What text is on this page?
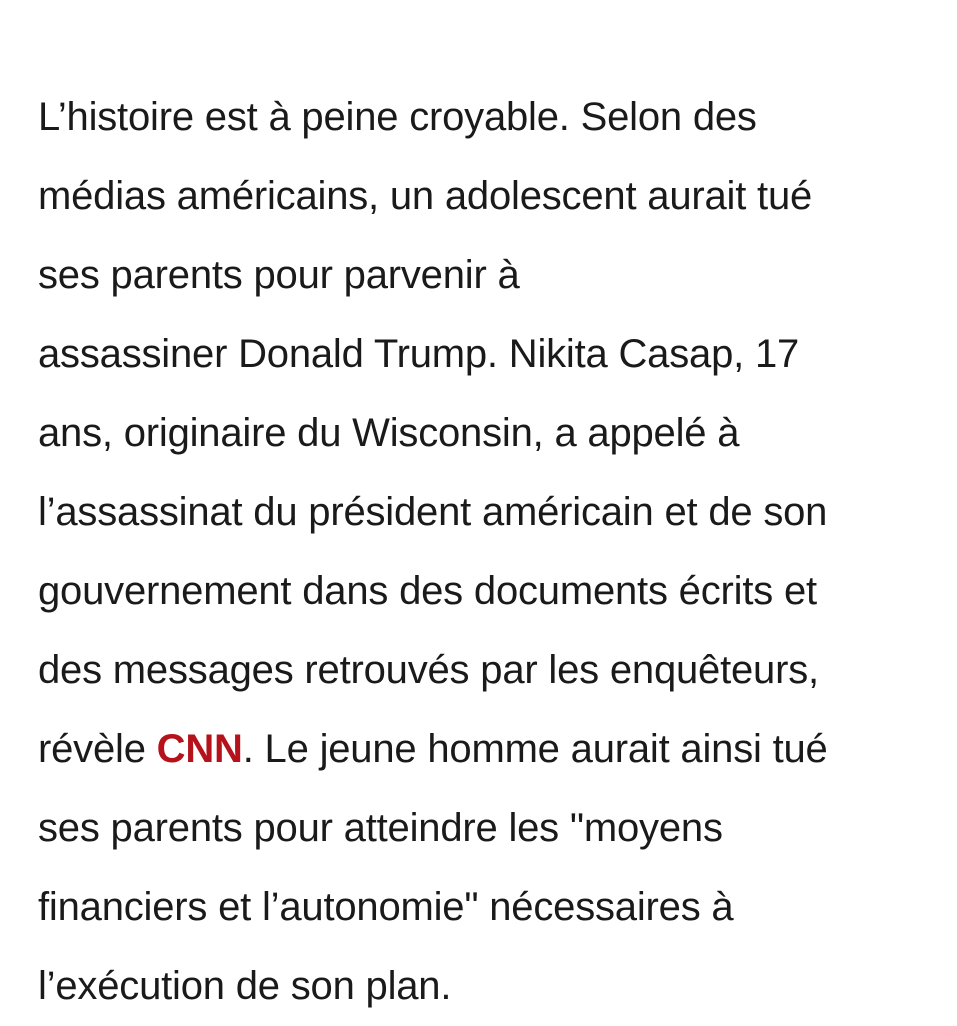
L’histoire est à peine croyable. Selon des
médias américains, un adolescent aurait tué
ses parents pour parvenir à
assassiner Donald Trump. Nikita Casap, 17
ans, originaire du Wisconsin, a appelé à
l’assassinat du président américain et de son
gouvernement dans des documents écrits et
des messages retrouvés par les enquêteurs,
révèle CNN. Le jeune homme aurait ainsi tué
ses parents pour atteindre les "moyens
financiers et l’autonomie" nécessaires à
l’exécution de son plan.
